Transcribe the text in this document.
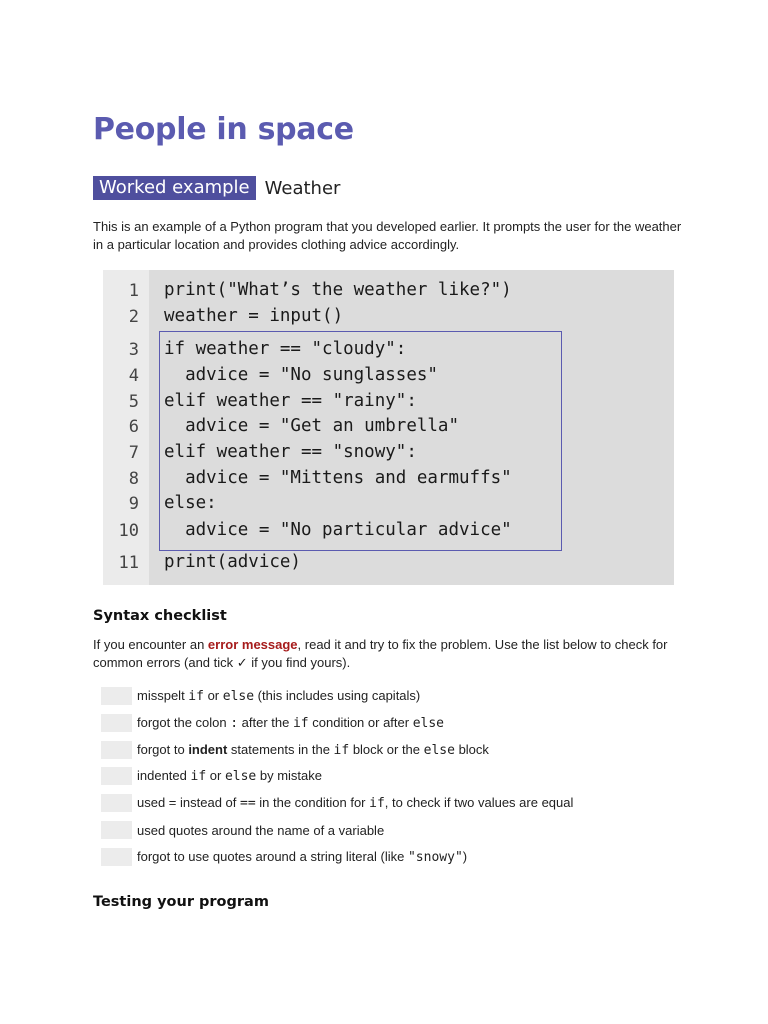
People in space
Worked example Weather

This is an example of a Python program that you developed earlier. It prompts the user for the weather in a particular location and provides clothing advice accordingly.

1
2
3
4
5
6
7
8
9
10
11
print("What’s the weather like?")
weather = input()
if weather == "cloudy":
advice = "No sunglasses"
elif weather == "rainy":
advice = "Get an umbrella"
elif weather == "snowy":
advice = "Mittens and earmuffs"
else:
advice = "No particular advice"
print(advice)
Syntax checklist

If you encounter an error message, read it and try to fix the problem. Use the list below to check for common errors (and tick ✓ if you find yours).

misspelt if or else (this includes using capitals)
forgot the colon : after the if condition or after else
forgot to indent statements in the if block or the else block
indented if or else by mistake
used = instead of == in the condition for if, to check if two values are equal
used quotes around the name of a variable
forgot to use quotes around a string literal (like "snowy")
Testing your program
